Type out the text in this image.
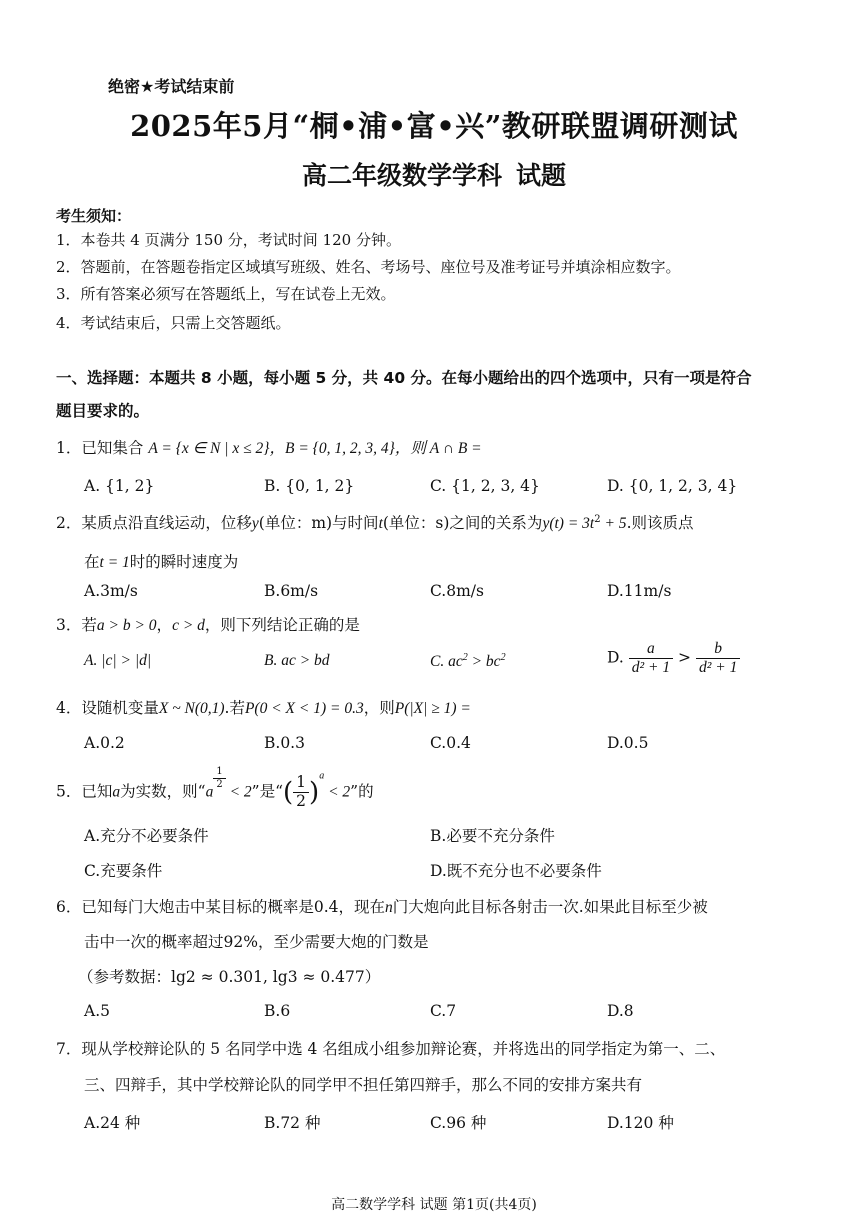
绝密★考试结束前
2025年5月“桐•浦•富•兴”教研联盟调研测试
高二年级数学学科 试题
考生须知：
1．本卷共 4 页满分 150 分，考试时间 120 分钟。
2．答题前，在答题卷指定区域填写班级、姓名、考场号、座位号及准考证号并填涂相应数字。
3．所有答案必须写在答题纸上，写在试卷上无效。
4．考试结束后，只需上交答题纸。
一、选择题：本题共 8 小题，每小题 5 分，共 40 分。在每小题给出的四个选项中，只有一项是符合
题目要求的。
1．已知集合 A = {x ∈ N | x ≤ 2}，B = {0, 1, 2, 3, 4}，则 A ∩ B =
A. {1, 2}	B. {0, 1, 2}	C. {1, 2, 3, 4}	D. {0, 1, 2, 3, 4}
2．某质点沿直线运动，位移y(单位：m)与时间t(单位：s)之间的关系为$y(t) = 3t^2 + 5$.则该质点
在t = 1时的瞬时速度为
A.3m/s	B.6m/s	C.8m/s	D.11m/s
3．若a > b > 0，c > d，则下列结论正确的是
A. |c| > |d|	B. ac > bd	C. $ac^2 > bc^2$	D. $\frac{a}{\text{d² + 1}} > \frac{b}{\text{d² + 1}}$
4．设随机变量X ~ N(0,1).若P(0 < X < 1) = 0.3，则P(|X| ≥ 1) =
A.0.2	B.0.3	C.0.4	D.0.5
5．已知a为实数，则“a
$\frac{1}{2}$
< 2”是“( $\frac{1}{2} )^a < 2$”的
A.充分不必要条件	B.必要不充分条件
C.充要条件	D.既不充分也不必要条件
6．已知每门大炮击中某目标的概率是0.4，现在n门大炮向此目标各射击一次.如果此目标至少被
击中一次的概率超过92%，至少需要大炮的门数是
（参考数据：lg2 ≈ 0.301, lg3 ≈ 0.477）
A.5	B.6	C.7	D.8
7．现从学校辩论队的 5 名同学中选 4 名组成小组参加辩论赛，并将选出的同学指定为第一、二、
三、四辩手，其中学校辩论队的同学甲不担任第四辩手，那么不同的安排方案共有
A.24 种	B.72 种	C.96 种	D.120 种
高二数学学科 试题 第1页(共4页)
